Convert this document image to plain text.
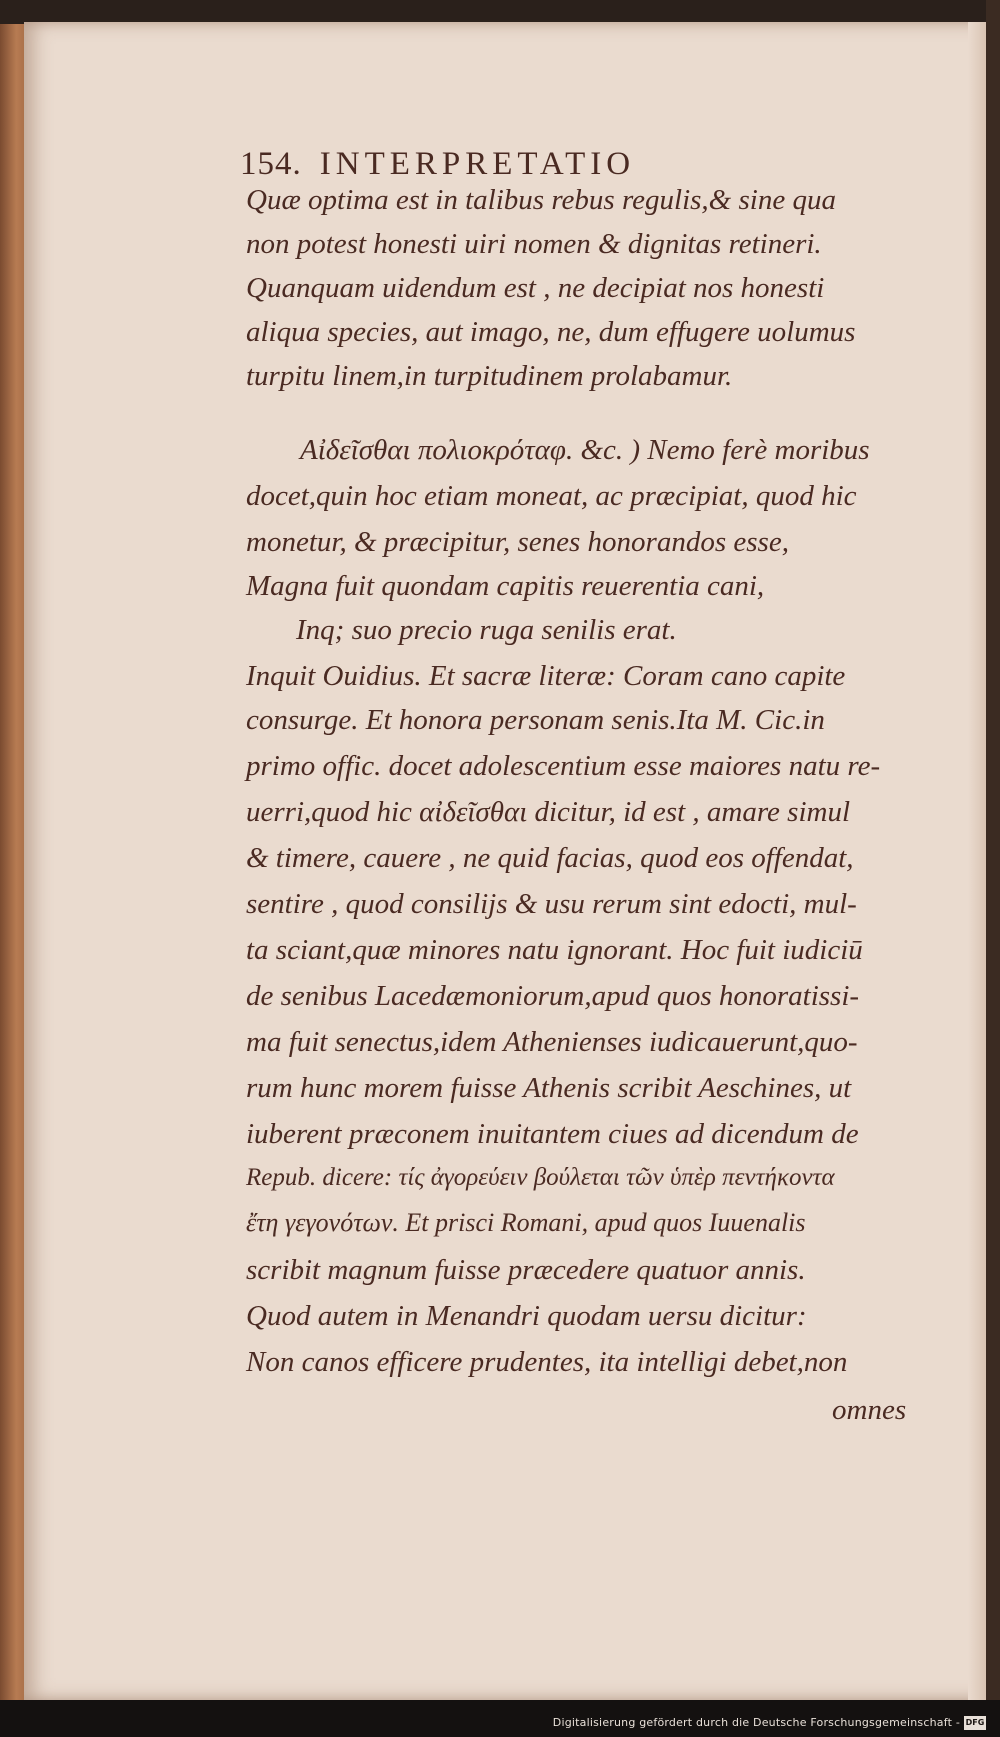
154. INTERPRETATIO
Quæ optima est in talibus rebus regulis,& sine qua
non potest honesti uiri nomen & dignitas retineri.
Quanquam uidendum est , ne decipiat nos honesti
aliqua species, aut imago, ne, dum effugere uolumus
turpitu linem,in turpitudinem prolabamur.
Αἰδεῖσθαι πολιοκρόταφ. &c. ) Nemo ferè moribus
docet,quin hoc etiam moneat, ac præcipiat, quod hic
monetur, & præcipitur, senes honorandos esse,
Magna fuit quondam capitis reuerentia cani,
Inq; suo precio ruga senilis erat.
Inquit Ouidius. Et sacræ literæ: Coram cano capite
consurge. Et honora personam senis.Ita M. Cic.in
primo offic. docet adolescentium esse maiores natu re-
uerri,quod hic αἰδεῖσθαι dicitur, id est , amare simul
& timere, cauere , ne quid facias, quod eos offendat,
sentire , quod consilijs & usu rerum sint edocti, mul-
ta sciant,quæ minores natu ignorant. Hoc fuit iudiciū
de senibus Lacedæmoniorum,apud quos honoratissi-
ma fuit senectus,idem Athenienses iudicauerunt,quo-
rum hunc morem fuisse Athenis scribit Aeschines, ut
iuberent præconem inuitantem ciues ad dicendum de
Repub. dicere: τίς ἀγορεύειν βούλεται τῶν ὑπὲρ πεντήκοντα
ἔτη γεγονότων. Et prisci Romani, apud quos Iuuenalis
scribit magnum fuisse præcedere quatuor annis.
Quod autem in Menandri quodam uersu dicitur:
Non canos efficere prudentes, ita intelligi debet,non
omnes
Digitalisierung gefördert durch die Deutsche Forschungsgemeinschaft - DFG
